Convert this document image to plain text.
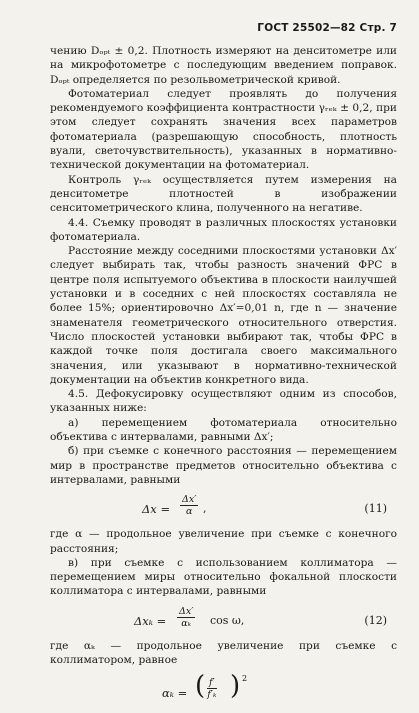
ГОСТ 25502—82 Стр. 7

чению Dₒₚₜ ± 0,2. Плотность измеряют на денситометре или на микрофотометре с последующим введением поправок. Dₒₚₜ определяется по резольвометрической кривой.

Фотоматериал следует проявлять до получения рекомендуемого коэффициента контрастности γᵣₑₖ ± 0,2, при этом следует сохранять значения всех параметров фотоматериала (разрешающую способность, плотность вуали, светочувствительность), указанных в нормативно-технической документации на фотоматериал.

Контроль γᵣₑₖ осуществляется путем измерения на денситометре плотностей в изображении сенситометрического клина, полученного на негативе.

4.4. Съемку проводят в различных плоскостях установки фотоматериала.

Расстояние между соседними плоскостями установки Δx′ следует выбирать так, чтобы разность значений ФРС в центре поля испытуемого объектива в плоскости наилучшей установки и в соседних с ней плоскостях составляла не более 15%; ориентировочно Δx′=0,01 n, где n — значение знаменателя геометрического относительного отверстия. Число плоскостей установки выбирают так, чтобы ФРС в каждой точке поля достигала своего максимального значения, или указывают в нормативно-технической документации на объектив конкретного вида.

4.5. Дефокусировку осуществляют одним из способов, указанных ниже:

а) перемещением фотоматериала относительно объектива с интервалами, равными Δx′;

б) при съемке с конечного расстояния — перемещением мир в пространстве предметов относительно объектива с интервалами, равными

$\Delta x = \frac{\Delta x'}{\alpha}$ ,	(11)

где α — продольное увеличение при съемке с конечного расстояния;

в) при съемке с использованием коллиматора — перемещением миры относительно фокальной плоскости коллиматора с интервалами, равными

$\Delta x_k = \frac{\Delta x'}{\text{αₖ}}$ cos ω,	(12)

где αₖ — продольное увеличение при съемке с коллиматором, равное

αₖ = ( $\frac{f'}{\text{f′ₖ}}$ ) 2
